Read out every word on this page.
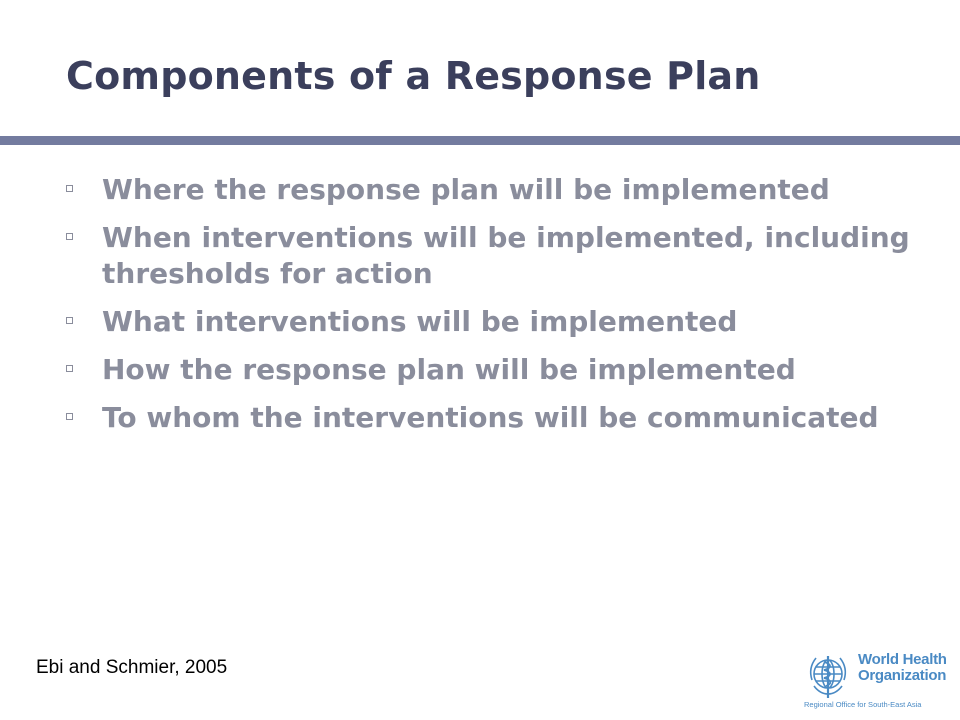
Components of a Response Plan
Where the response plan will be implemented
When interventions will be implemented, including thresholds for action
What interventions will be implemented
How the response plan will be implemented
To whom the interventions will be communicated
Ebi and Schmier, 2005	World Health
Organization
Regional Office for South-East Asia
